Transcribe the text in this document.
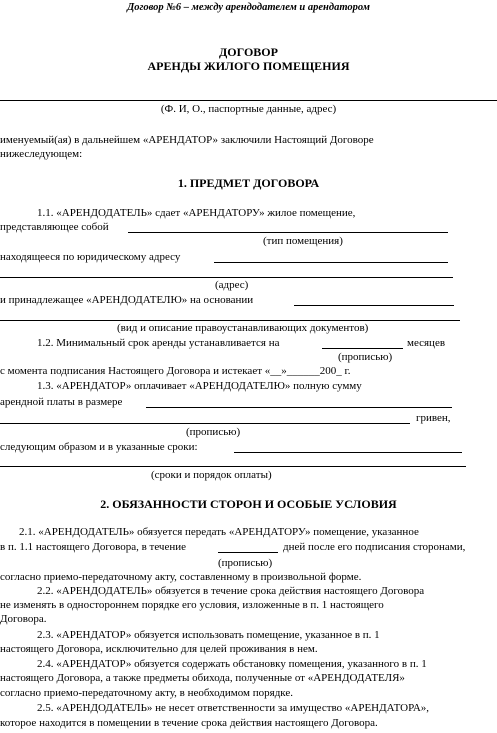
Договор №6 – между арендодателем и арендатором
ДОГОВОР
АРЕНДЫ ЖИЛОГО ПОМЕЩЕНИЯ
(Ф. И, О., паспортные данные, адрес)
именуемый(ая) в дальнейшем «АРЕНДАТОР» заключили Настоящий Договоре
нижеследующем:
1. ПРЕДМЕТ ДОГОВОРА
1.1. «АРЕНДОДАТЕЛЬ» сдает «АРЕНДАТОРУ» жилое помещение,
представляющее собой
(тип помещения)
находящееся по юридическому адресу
(адрес)
и принадлежащее «АРЕНДОДАТЕЛЮ» на основании
(вид и описание правоустанавливающих документов)
1.2. Минимальный срок аренды устанавливается на	месяцев
(прописью)
с момента подписания Настоящего Договора и истекает «__»______200_ г.
1.3. «АРЕНДАТОР» оплачивает «АРЕНДОДАТЕЛЮ» полную сумму
арендной платы в размере
гривен,
(прописью)
следующим образом и в указанные сроки:
(сроки и порядок оплаты)
2. ОБЯЗАННОСТИ СТОРОН И ОСОБЫЕ УСЛОВИЯ
2.1. «АРЕНДОДАТЕЛЬ» обязуется передать «АРЕНДАТОРУ» помещение, указанное
в п. 1.1 настоящего Договора, в течение	дней после его подписания сторонами,
(прописью)
согласно приемо-передаточному акту, составленному в произвольной форме.
2.2. «АРЕНДОДАТЕЛЬ» обязуется в течение срока действия настоящего Договора
не изменять в одностороннем порядке его условия, изложенные в п. 1 настоящего
Договора.
2.3. «АРЕНДАТОР» обязуется использовать помещение, указанное в п. 1
настоящего Договора, исключительно для целей проживания в нем.
2.4. «АРЕНДАТОР» обязуется содержать обстановку помещения, указанного в п. 1
настоящего Договора, а также предметы обихода, полученные от «АРЕНДОДАТЕЛЯ»
согласно приемо-передаточному акту, в необходимом порядке.
2.5. «АРЕНДОДАТЕЛЬ» не несет ответственности за имущество «АРЕНДАТОРА»,
которое находится в помещении в течение срока действия настоящего Договора.
